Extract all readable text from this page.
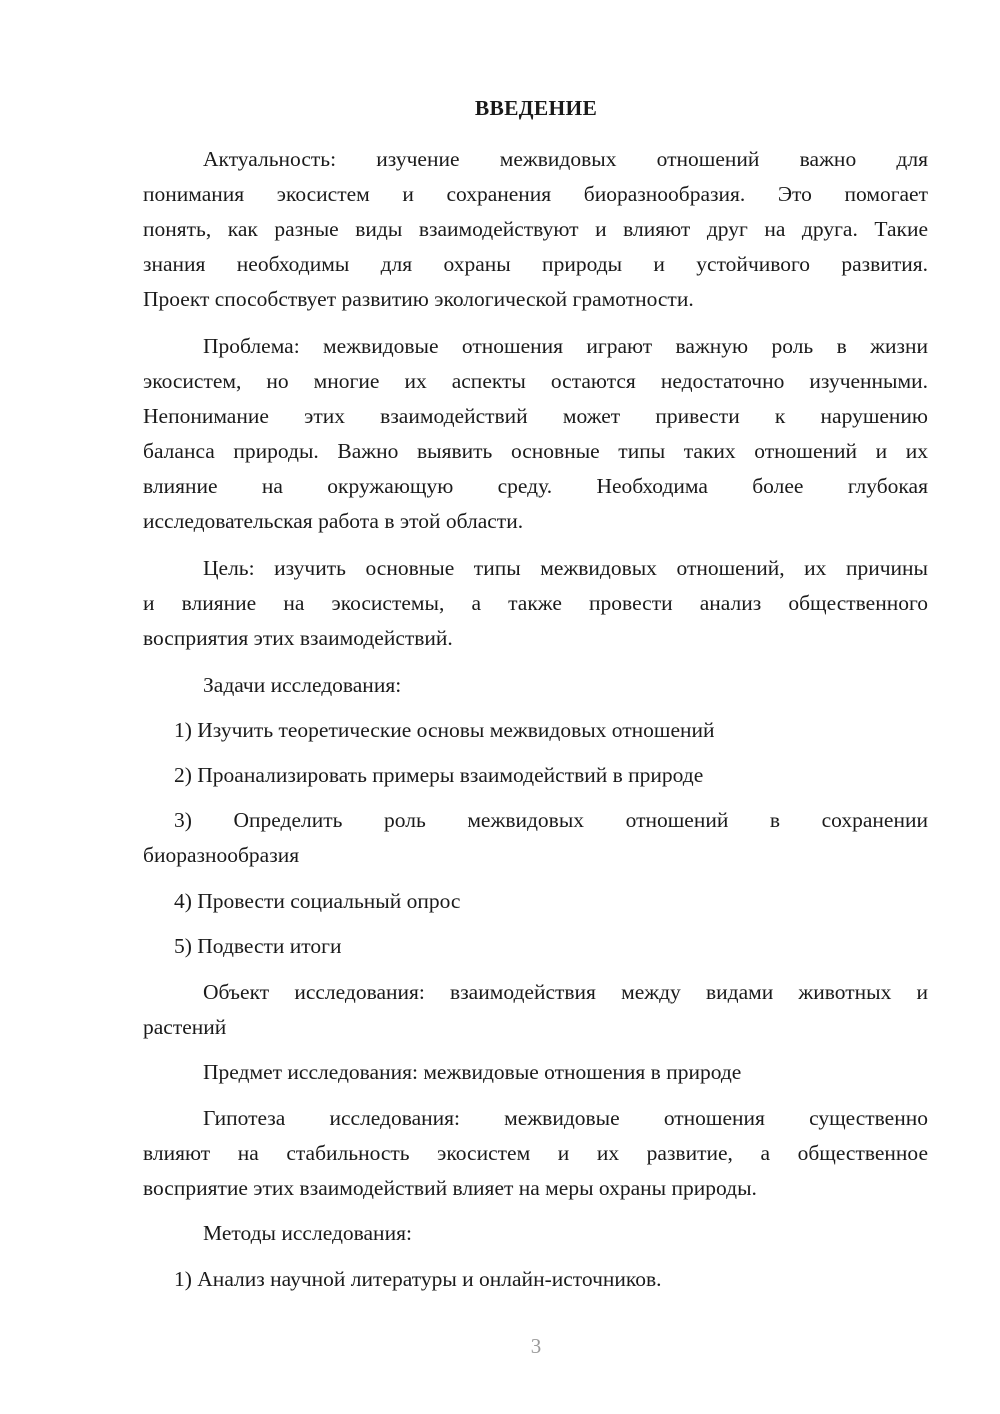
ВВЕДЕНИЕ
Актуальность: изучение межвидовых отношений важно для
понимания экосистем и сохранения биоразнообразия. Это помогает
понять, как разные виды взаимодействуют и влияют друг на друга. Такие
знания необходимы для охраны природы и устойчивого развития.
Проект способствует развитию экологической грамотности.
Проблема: межвидовые отношения играют важную роль в жизни
экосистем, но многие их аспекты остаются недостаточно изученными.
Непонимание этих взаимодействий может привести к нарушению
баланса природы. Важно выявить основные типы таких отношений и их
влияние на окружающую среду. Необходима более глубокая
исследовательская работа в этой области.
Цель: изучить основные типы межвидовых отношений, их причины
и влияние на экосистемы, а также провести анализ общественного
восприятия этих взаимодействий.
Задачи исследования:
1) Изучить теоретические основы межвидовых отношений
2) Проанализировать примеры взаимодействий в природе
3) Определить роль межвидовых отношений в сохранении
биоразнообразия
4) Провести социальный опрос
5) Подвести итоги
Объект исследования: взаимодействия между видами животных и
растений
Предмет исследования: межвидовые отношения в природе
Гипотеза исследования: межвидовые отношения существенно
влияют на стабильность экосистем и их развитие, а общественное
восприятие этих взаимодействий влияет на меры охраны природы.
Методы исследования:
1) Анализ научной литературы и онлайн-источников.
3
